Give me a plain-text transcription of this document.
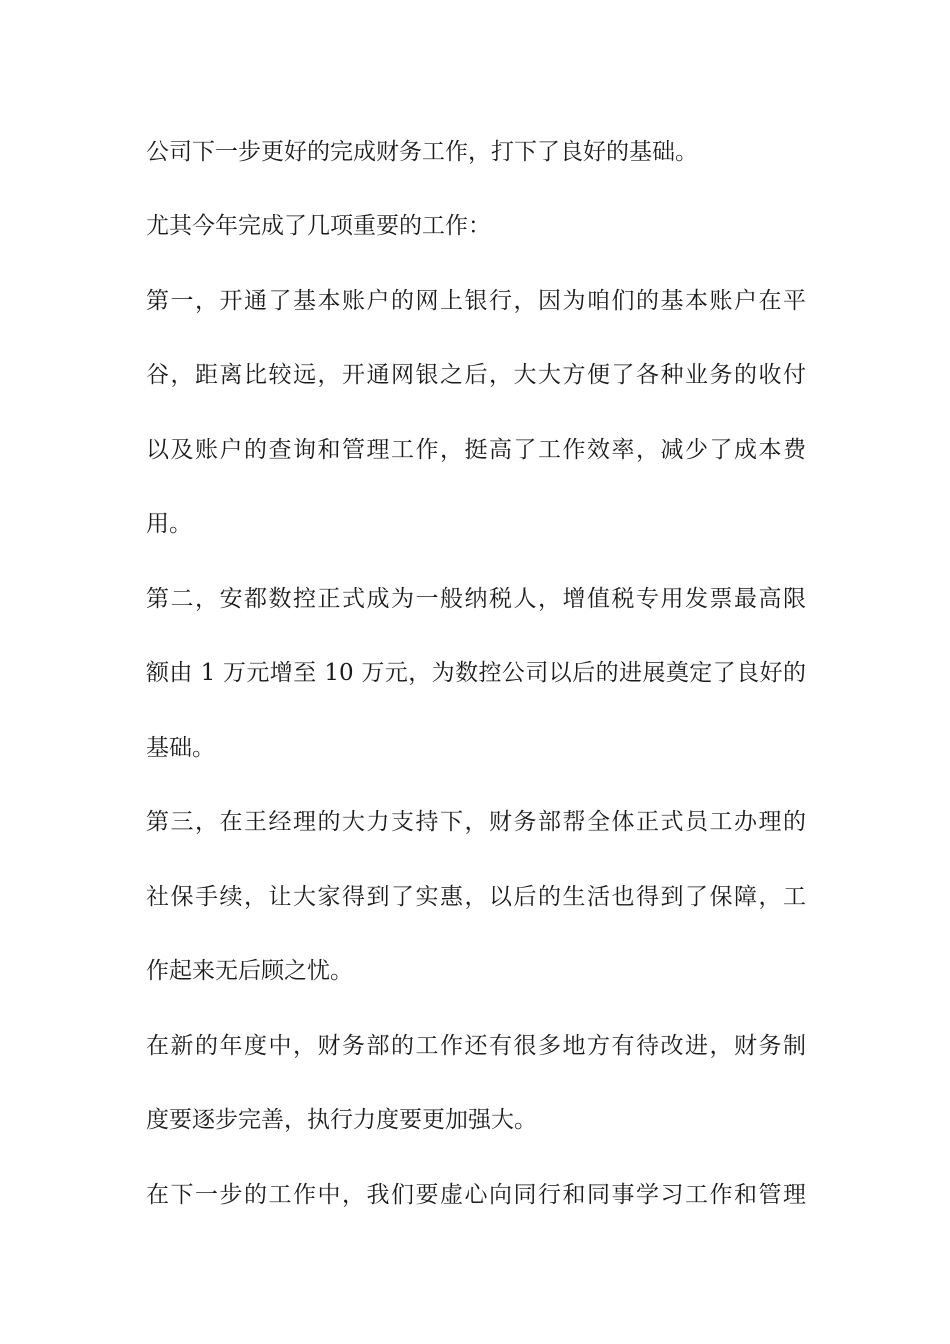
公司下一步更好的完成财务工作，打下了良好的基础。
尤其今年完成了几项重要的工作：
第一，开通了基本账户的网上银行，因为咱们的基本账户在平
谷，距离比较远，开通网银之后，大大方便了各种业务的收付
以及账户的查询和管理工作，挺高了工作效率，减少了成本费
用。
第二，安都数控正式成为一般纳税人，增值税专用发票最高限
额由 1 万元增至 10 万元，为数控公司以后的进展奠定了良好的
基础。
第三，在王经理的大力支持下，财务部帮全体正式员工办理的
社保手续，让大家得到了实惠，以后的生活也得到了保障，工
作起来无后顾之忧。
在新的年度中，财务部的工作还有很多地方有待改进，财务制
度要逐步完善，执行力度要更加强大。
在下一步的工作中，我们要虚心向同行和同事学习工作和管理
